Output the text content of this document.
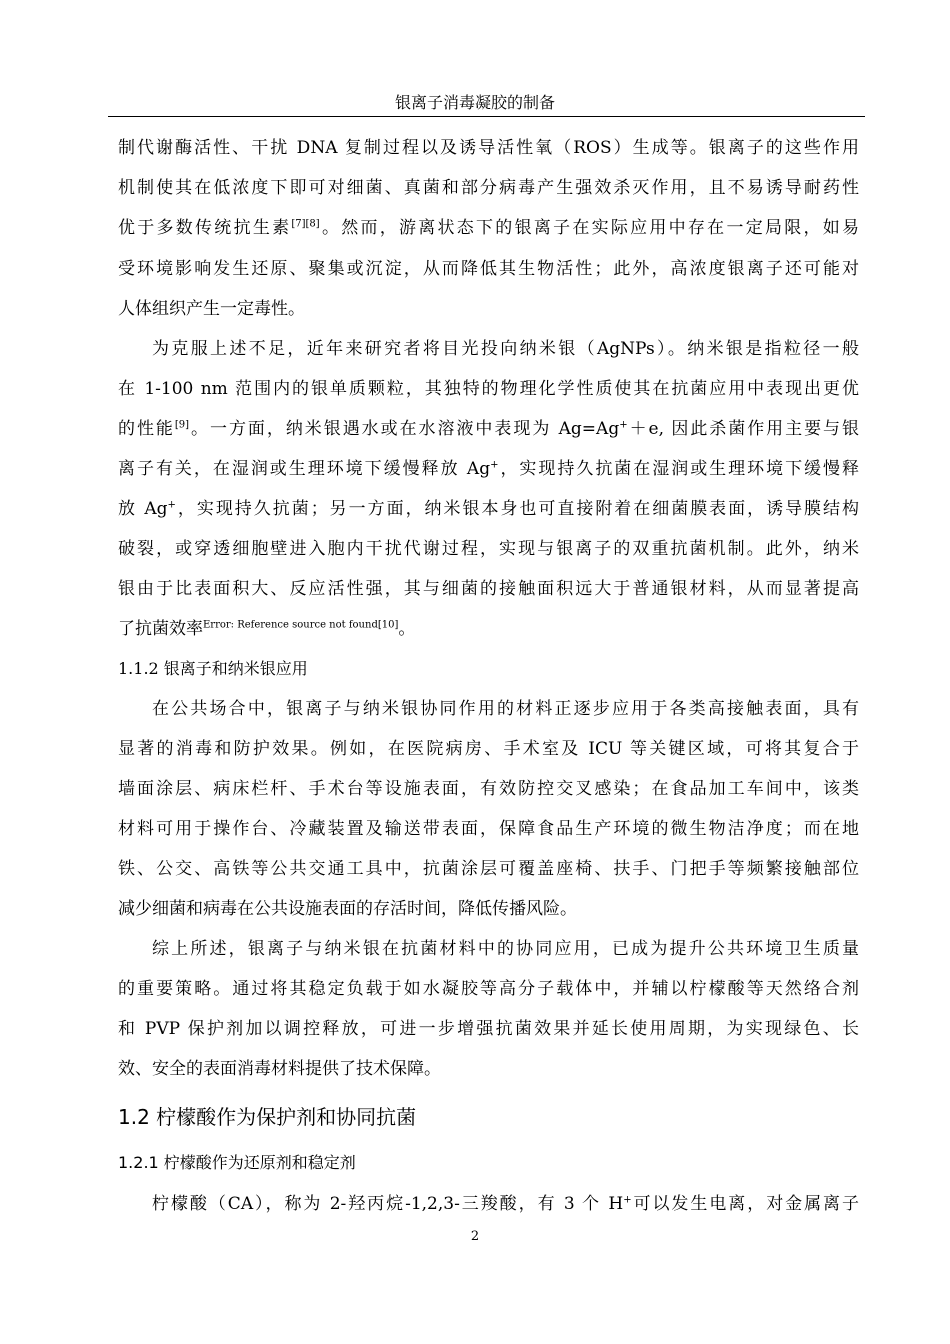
银离子消毒凝胶的制备
制代谢酶活性、干扰 DNA 复制过程以及诱导活性氧（ROS）生成等。银离子的这些作用
机制使其在低浓度下即可对细菌、真菌和部分病毒产生强效杀灭作用，且不易诱导耐药性
优于多数传统抗生素[7][8]。然而，游离状态下的银离子在实际应用中存在一定局限，如易
受环境影响发生还原、聚集或沉淀，从而降低其生物活性；此外，高浓度银离子还可能对
人体组织产生一定毒性。
为克服上述不足，近年来研究者将目光投向纳米银（AgNPs）。纳米银是指粒径一般
在 1-100 nm 范围内的银单质颗粒，其独特的物理化学性质使其在抗菌应用中表现出更优
的性能[9]。一方面，纳米银遇水或在水溶液中表现为 Ag=Ag+＋e, 因此杀菌作用主要与银
离子有关，在湿润或生理环境下缓慢释放 Ag+，实现持久抗菌在湿润或生理环境下缓慢释
放 Ag+，实现持久抗菌；另一方面，纳米银本身也可直接附着在细菌膜表面，诱导膜结构
破裂，或穿透细胞壁进入胞内干扰代谢过程，实现与银离子的双重抗菌机制。此外，纳米
银由于比表面积大、反应活性强，其与细菌的接触面积远大于普通银材料，从而显著提高
了抗菌效率$^{Error: Reference source not found[10]}$。
1.1.2 银离子和纳米银应用
在公共场合中，银离子与纳米银协同作用的材料正逐步应用于各类高接触表面，具有
显著的消毒和防护效果。例如，在医院病房、手术室及 ICU 等关键区域，可将其复合于
墙面涂层、病床栏杆、手术台等设施表面，有效防控交叉感染；在食品加工车间中，该类
材料可用于操作台、冷藏装置及输送带表面，保障食品生产环境的微生物洁净度；而在地
铁、公交、高铁等公共交通工具中，抗菌涂层可覆盖座椅、扶手、门把手等频繁接触部位
减少细菌和病毒在公共设施表面的存活时间，降低传播风险。
综上所述，银离子与纳米银在抗菌材料中的协同应用，已成为提升公共环境卫生质量
的重要策略。通过将其稳定负载于如水凝胶等高分子载体中，并辅以柠檬酸等天然络合剂
和 PVP 保护剂加以调控释放，可进一步增强抗菌效果并延长使用周期，为实现绿色、长
效、安全的表面消毒材料提供了技术保障。
1.2 柠檬酸作为保护剂和协同抗菌
1.2.1 柠檬酸作为还原剂和稳定剂
柠檬酸（CA），称为 2-羟丙烷-1,2,3-三羧酸，有 3 个 H+可以发生电离，对金属离子
2
